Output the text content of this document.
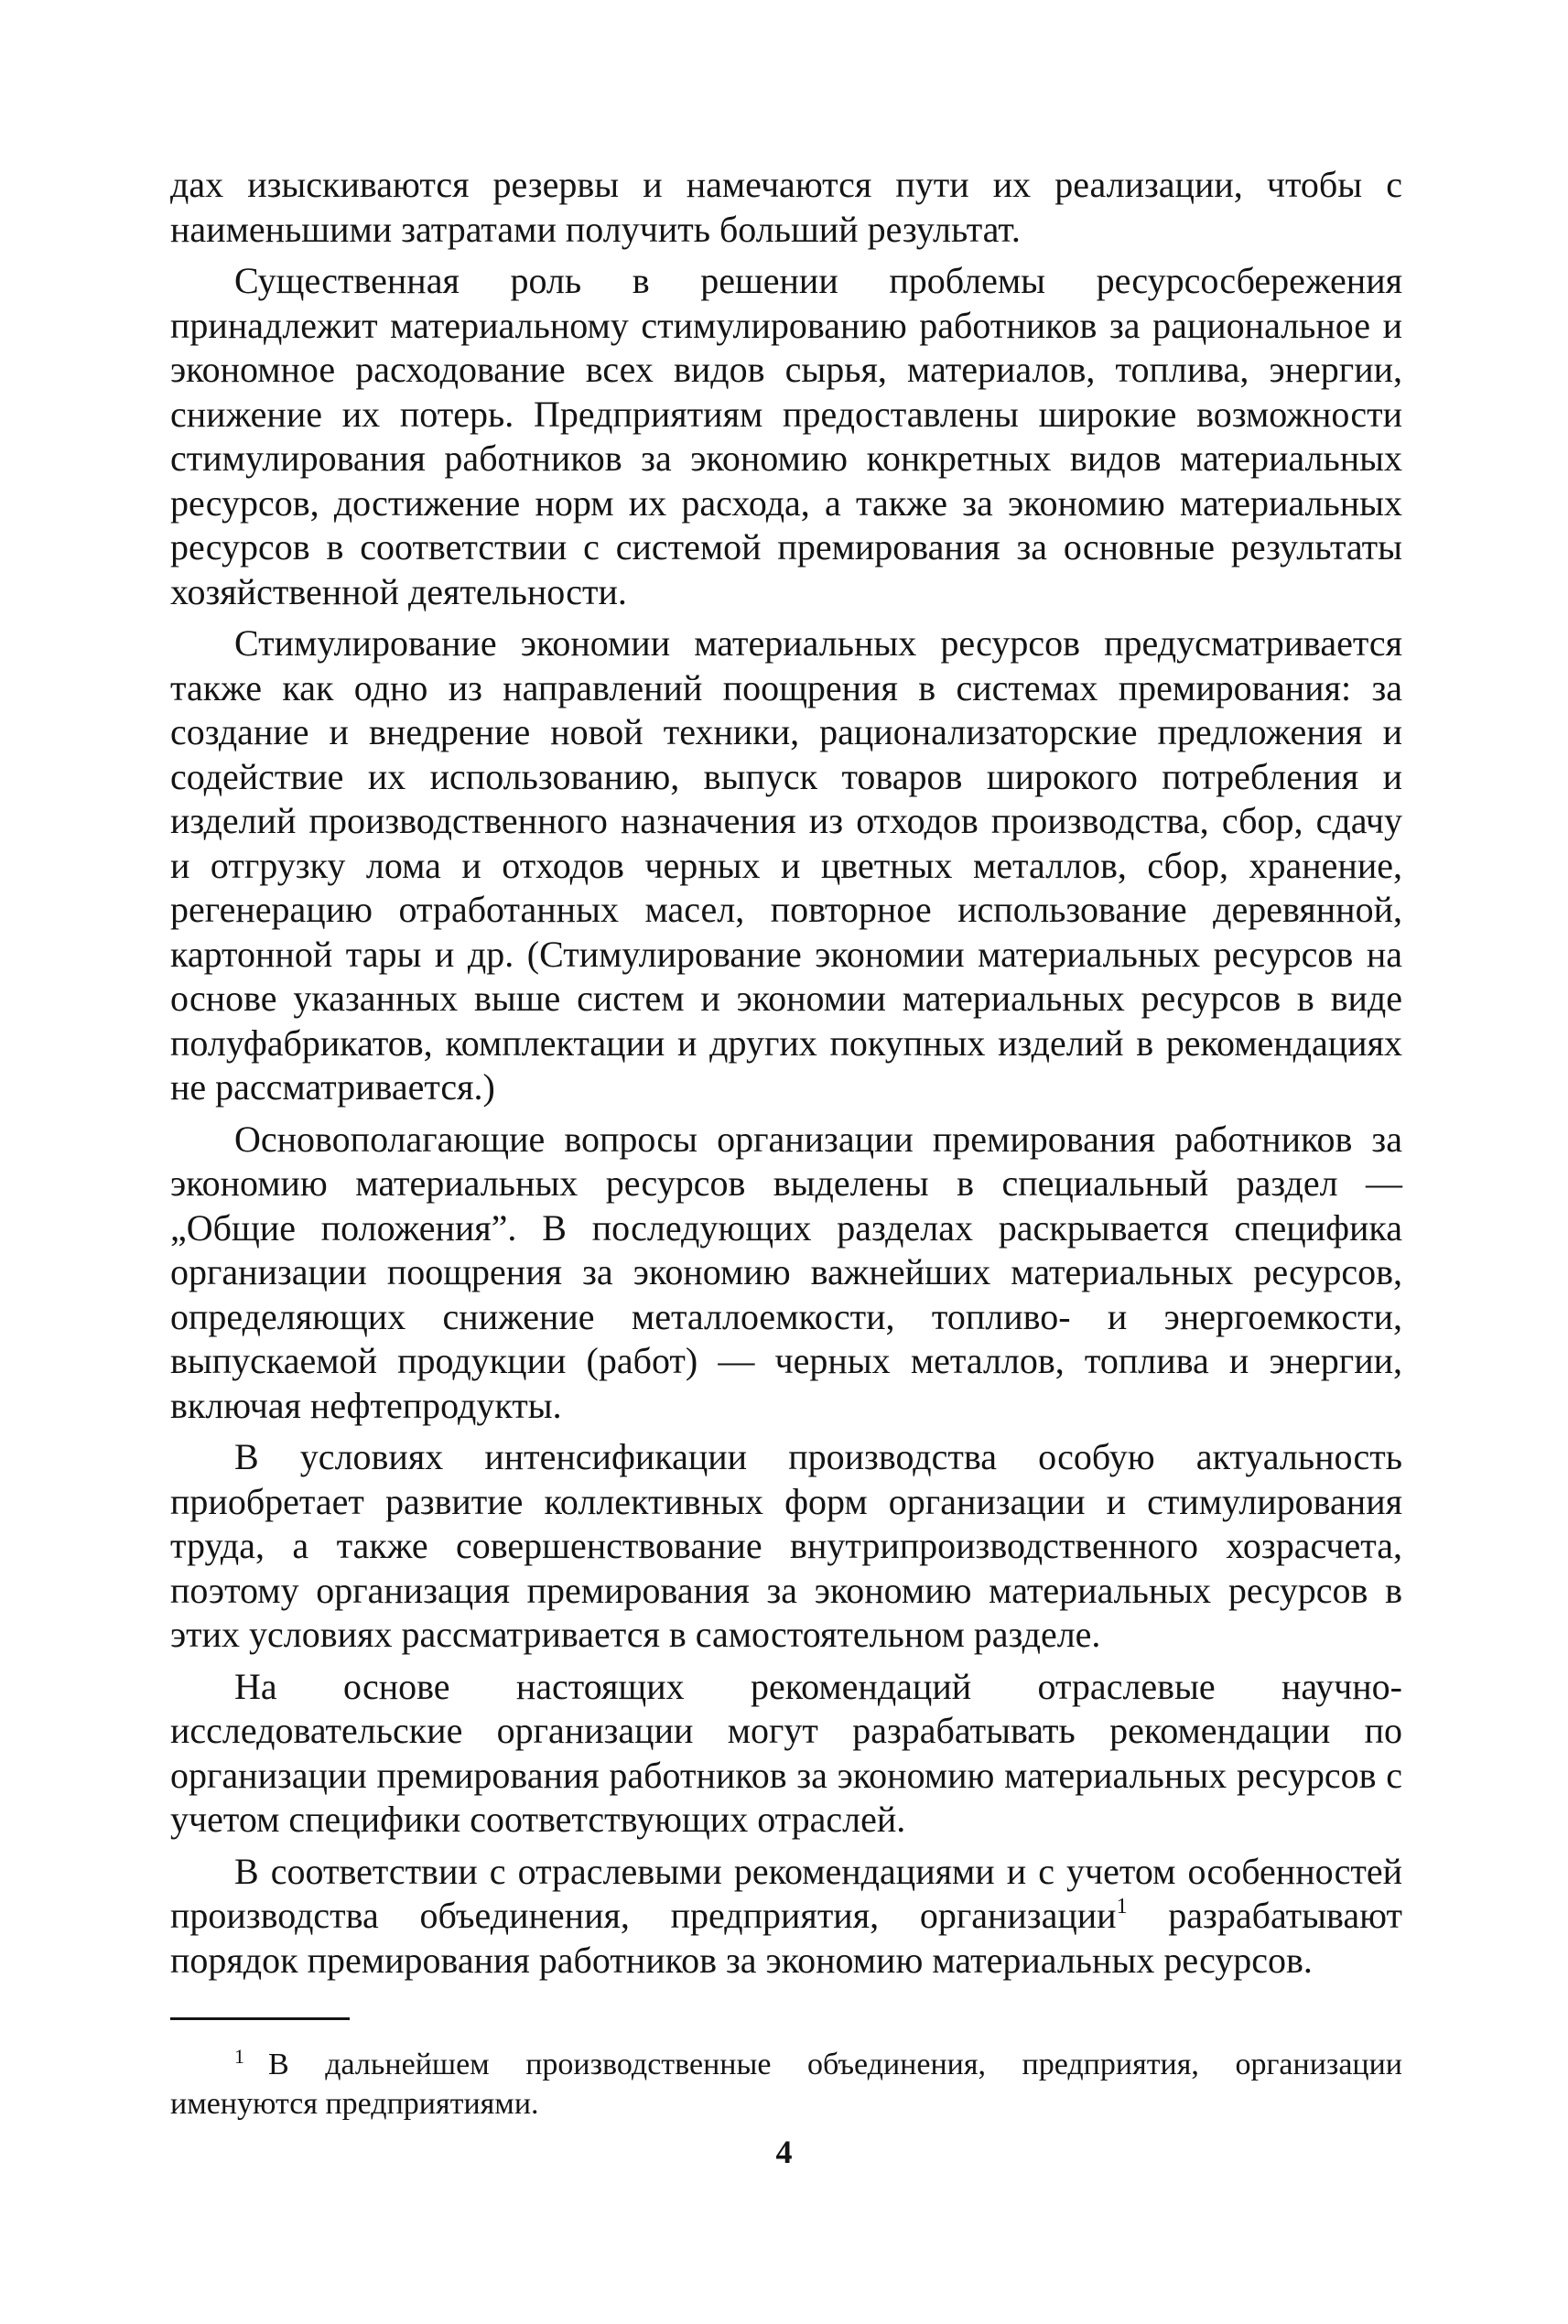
дах изыскиваются резервы и намечаются пути их реализации, чтобы с наименьшими затратами получить больший результат.

Существенная роль в решении проблемы ресурсосбережения принадлежит материальному стимулированию работников за рациональное и экономное расходование всех видов сырья, материалов, топлива, энергии, снижение их потерь. Предприятиям предоставлены широкие возможности стимулирования работников за экономию конкретных видов материальных ресурсов, достижение норм их расхода, а также за экономию материальных ресурсов в соответствии с системой премирования за основные результаты хозяйственной деятельности.

Стимулирование экономии материальных ресурсов предусматривается также как одно из направлений поощрения в системах премирования: за создание и внедрение новой техники, рационализаторские предложения и содействие их использованию, выпуск товаров широкого потребления и изделий производственного назначения из отходов производства, сбор, сдачу и отгрузку лома и отходов черных и цветных металлов, сбор, хранение, регенерацию отработанных масел, повторное использование деревянной, картонной тары и др. (Стимулирование экономии материальных ресурсов на основе указанных выше систем и экономии материальных ресурсов в виде полуфабрикатов, комплектации и других покупных изделий в рекомендациях не рассматривается.)

Основополагающие вопросы организации премирования работников за экономию материальных ресурсов выделены в специальный раздел — „Общие положения”. В последующих разделах раскрывается специфика организации поощрения за экономию важнейших материальных ресурсов, определяющих снижение металлоемкости, топливо- и энергоемкости, выпускаемой продукции (работ) — черных металлов, топлива и энергии, включая нефтепродукты.

В условиях интенсификации производства особую актуальность приобретает развитие коллективных форм организации и стимулирования труда, а также совершенствование внутрипроизводственного хозрасчета, поэтому организация премирования за экономию материальных ресурсов в этих условиях рассматривается в самостоятельном разделе.

На основе настоящих рекомендаций отраслевые научно-исследовательские организации могут разрабатывать рекомендации по организации премирования работников за экономию материальных ресурсов с учетом специфики соответствующих отраслей.

В соответствии с отраслевыми рекомендациями и с учетом особенностей производства объединения, предприятия, организации$^1$ разрабатывают порядок премирования работников за экономию материальных ресурсов.

$^1$ В дальнейшем производственные объединения, предприятия, организации именуются предприятиями.
4
